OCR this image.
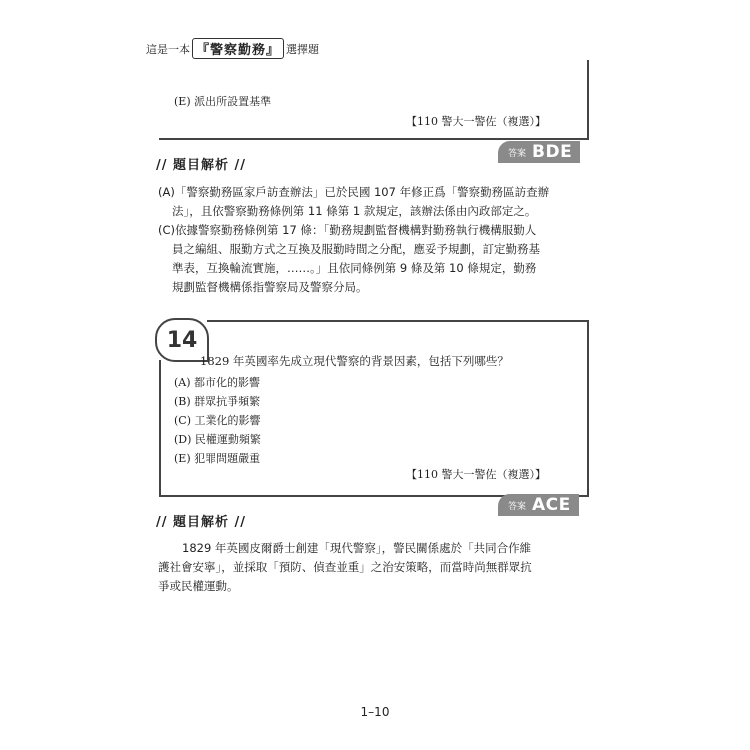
這是一本 『警察勤務』 選擇題
(E) 派出所設置基準
【110 警大一警佐（複選）】
答案 BDE
// 題目解析 //
(A)「警察勤務區家戶訪查辦法」已於民國 107 年修正爲「警察勤務區訪查辦
法」，且依警察勤務條例第 11 條第 1 款規定，該辦法係由內政部定之。
(C)依據警察勤務條例第 17 條：「勤務規劃監督機構對勤務執行機構服勤人
員之編組、服勤方式之互換及服勤時間之分配，應妥予規劃，訂定勤務基
準表，互換輪流實施，……。」且依同條例第 9 條及第 10 條規定，勤務
規劃監督機構係指警察局及警察分局。
14
1829 年英國率先成立現代警察的背景因素，包括下列哪些？
(A) 都市化的影響
(B) 群眾抗爭頻繁
(C) 工業化的影響
(D) 民權運動頻繁
(E) 犯罪問題嚴重
【110 警大一警佐（複選）】
答案 ACE
// 題目解析 //
1829 年英國皮爾爵士創建「現代警察」，警民關係處於「共同合作維
護社會安寧」，並採取「預防、偵查並重」之治安策略，而當時尚無群眾抗
爭或民權運動。
1–10
